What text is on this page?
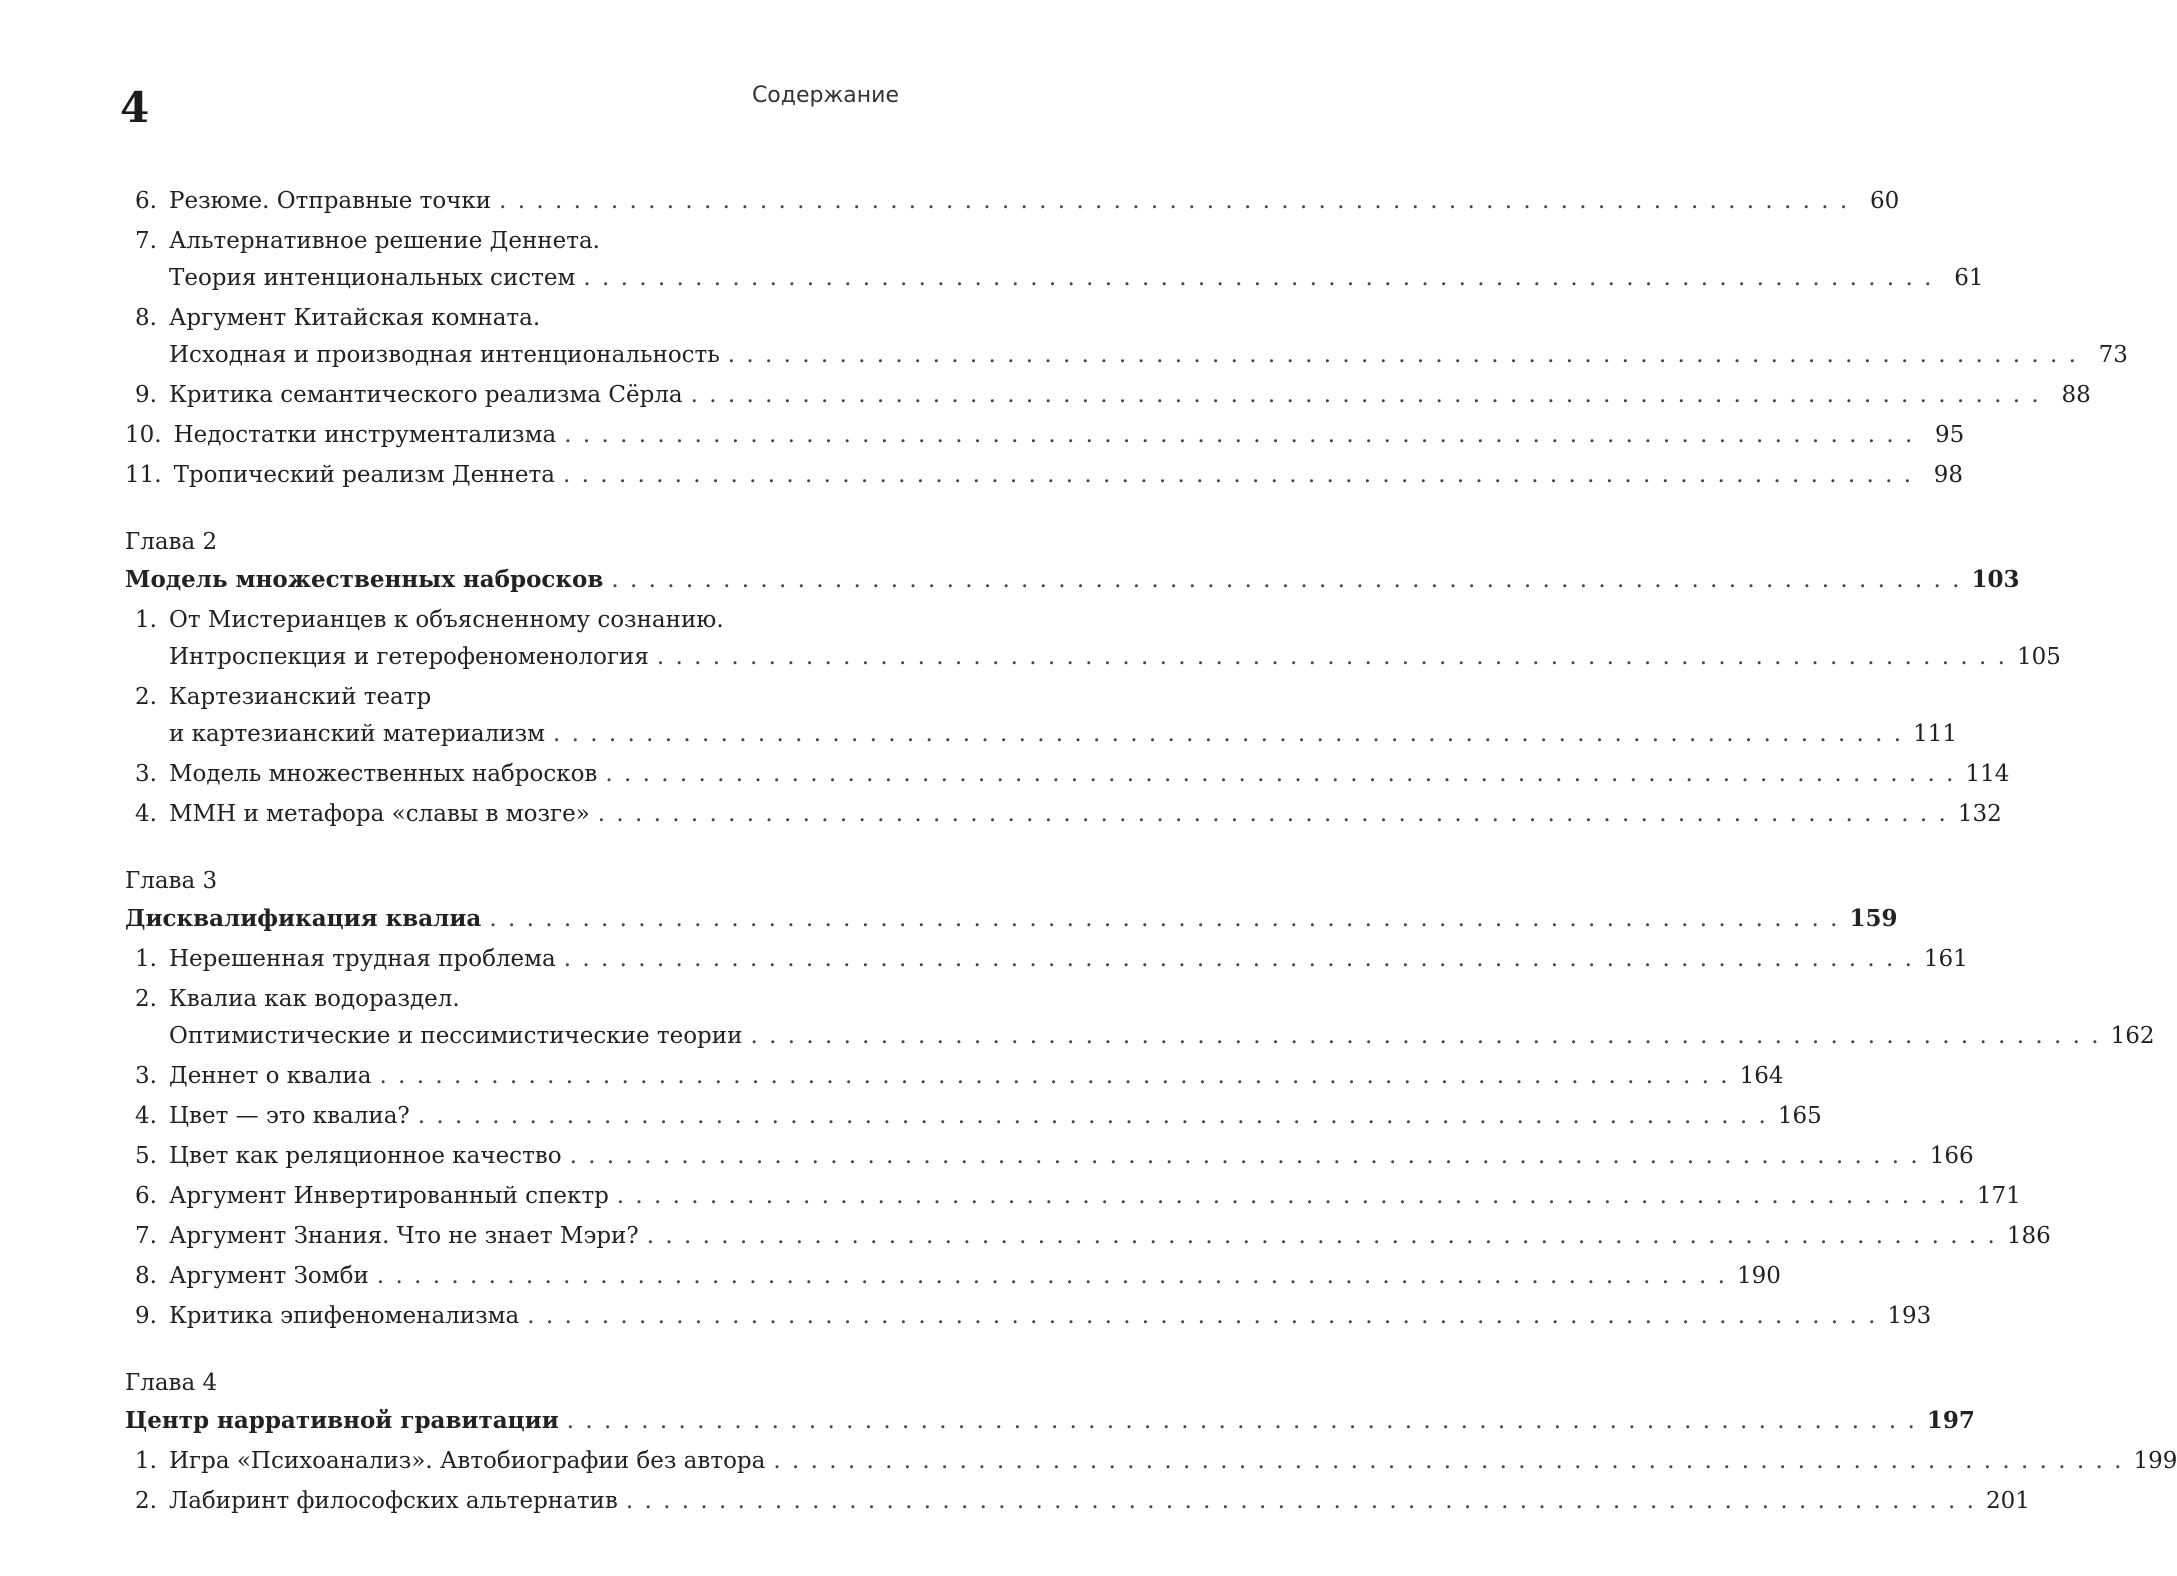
4	Содержание
6. Резюме. Отправные точки . . . . . . . . . . . . . . . . . . . . . . . . . . . . . . . . . . . . . . . . . . . . . . . . . . . . . . . . . . . . . . . . . . . . . . . . . 60
7. Альтернативное решение Деннета.
Теория интенциональных систем . . . . . . . . . . . . . . . . . . . . . . . . . . . . . . . . . . . . . . . . . . . . . . . . . . . . . . . . . . . . . . . . . . . . . . . . . 61
8. Аргумент Китайская комната.
Исходная и производная интенциональность . . . . . . . . . . . . . . . . . . . . . . . . . . . . . . . . . . . . . . . . . . . . . . . . . . . . . . . . . . . . . . . . . . . . . . . . . 73
9. Критика семантического реализма Сёрла . . . . . . . . . . . . . . . . . . . . . . . . . . . . . . . . . . . . . . . . . . . . . . . . . . . . . . . . . . . . . . . . . . . . . . . . . 88
10. Недостатки инструментализма . . . . . . . . . . . . . . . . . . . . . . . . . . . . . . . . . . . . . . . . . . . . . . . . . . . . . . . . . . . . . . . . . . . . . . . . . 95
11. Тропический реализм Деннета . . . . . . . . . . . . . . . . . . . . . . . . . . . . . . . . . . . . . . . . . . . . . . . . . . . . . . . . . . . . . . . . . . . . . . . . . 98
Глава 2
Модель множественных набросков . . . . . . . . . . . . . . . . . . . . . . . . . . . . . . . . . . . . . . . . . . . . . . . . . . . . . . . . . . . . . . . . . . . . . . . . . 103
1. От Мистерианцев к объясненному сознанию.
Интроспекция и гетерофеноменология . . . . . . . . . . . . . . . . . . . . . . . . . . . . . . . . . . . . . . . . . . . . . . . . . . . . . . . . . . . . . . . . . . . . . . . . . 105
2. Картезианский театр
и картезианский материализм . . . . . . . . . . . . . . . . . . . . . . . . . . . . . . . . . . . . . . . . . . . . . . . . . . . . . . . . . . . . . . . . . . . . . . . . . 111
3. Модель множественных набросков . . . . . . . . . . . . . . . . . . . . . . . . . . . . . . . . . . . . . . . . . . . . . . . . . . . . . . . . . . . . . . . . . . . . . . . . . 114
4. ММН и метафора «славы в мозге» . . . . . . . . . . . . . . . . . . . . . . . . . . . . . . . . . . . . . . . . . . . . . . . . . . . . . . . . . . . . . . . . . . . . . . . . . 132
Глава 3
Дисквалификация квалиа . . . . . . . . . . . . . . . . . . . . . . . . . . . . . . . . . . . . . . . . . . . . . . . . . . . . . . . . . . . . . . . . . . . . . . . . . 159
1. Нерешенная трудная проблема . . . . . . . . . . . . . . . . . . . . . . . . . . . . . . . . . . . . . . . . . . . . . . . . . . . . . . . . . . . . . . . . . . . . . . . . . 161
2. Квалиа как водораздел.
Оптимистические и пессимистические теории . . . . . . . . . . . . . . . . . . . . . . . . . . . . . . . . . . . . . . . . . . . . . . . . . . . . . . . . . . . . . . . . . . . . . . . . . 162
3. Деннет о квалиа . . . . . . . . . . . . . . . . . . . . . . . . . . . . . . . . . . . . . . . . . . . . . . . . . . . . . . . . . . . . . . . . . . . . . . . . . 164
4. Цвет — это квалиа? . . . . . . . . . . . . . . . . . . . . . . . . . . . . . . . . . . . . . . . . . . . . . . . . . . . . . . . . . . . . . . . . . . . . . . . . . 165
5. Цвет как реляционное качество . . . . . . . . . . . . . . . . . . . . . . . . . . . . . . . . . . . . . . . . . . . . . . . . . . . . . . . . . . . . . . . . . . . . . . . . . 166
6. Аргумент Инвертированный спектр . . . . . . . . . . . . . . . . . . . . . . . . . . . . . . . . . . . . . . . . . . . . . . . . . . . . . . . . . . . . . . . . . . . . . . . . . 171
7. Аргумент Знания. Что не знает Мэри? . . . . . . . . . . . . . . . . . . . . . . . . . . . . . . . . . . . . . . . . . . . . . . . . . . . . . . . . . . . . . . . . . . . . . . . . . 186
8. Аргумент Зомби . . . . . . . . . . . . . . . . . . . . . . . . . . . . . . . . . . . . . . . . . . . . . . . . . . . . . . . . . . . . . . . . . . . . . . . . . 190
9. Критика эпифеноменализма . . . . . . . . . . . . . . . . . . . . . . . . . . . . . . . . . . . . . . . . . . . . . . . . . . . . . . . . . . . . . . . . . . . . . . . . . 193
Глава 4
Центр нарративной гравитации . . . . . . . . . . . . . . . . . . . . . . . . . . . . . . . . . . . . . . . . . . . . . . . . . . . . . . . . . . . . . . . . . . . . . . . . . 197
1. Игра «Психоанализ». Автобиографии без автора . . . . . . . . . . . . . . . . . . . . . . . . . . . . . . . . . . . . . . . . . . . . . . . . . . . . . . . . . . . . . . . . . . . . . . . . . 199
2. Лабиринт философских альтернатив . . . . . . . . . . . . . . . . . . . . . . . . . . . . . . . . . . . . . . . . . . . . . . . . . . . . . . . . . . . . . . . . . . . . . . . . . 201
